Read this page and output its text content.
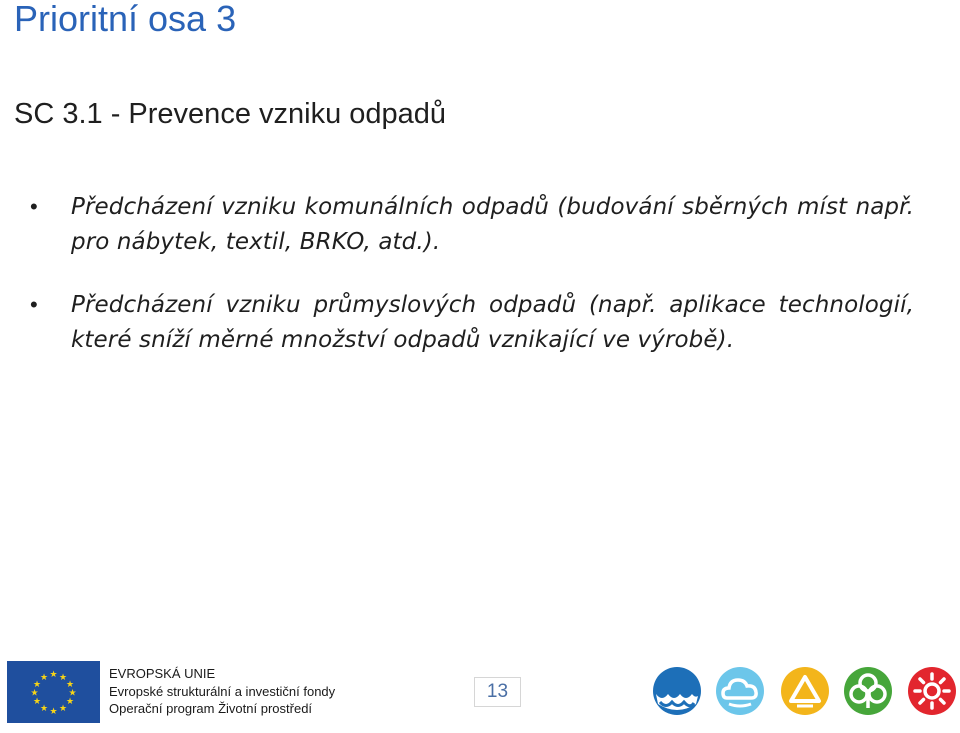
Prioritní osa 3
SC 3.1 - Prevence vzniku odpadů
• Předcházení vzniku komunálních odpadů (budování sběrných míst např. pro nábytek, textil, BRKO, atd.).
• Předcházení vzniku průmyslových odpadů (např. aplikace technologií, které sníží měrné množství odpadů vznikající ve výrobě).
★ ★
★
★
★
★
★
★
★
★
★
★	EVROPSKÁ UNIE
Evropské strukturální a investiční fondy
Operační program Životní prostředí
13
